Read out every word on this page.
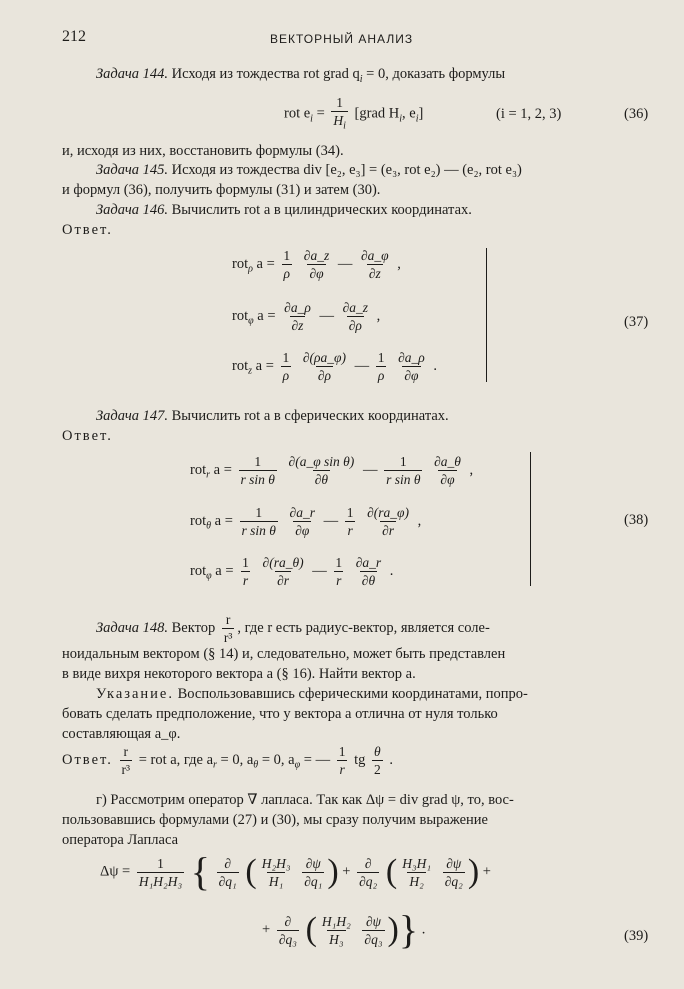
212	ВЕКТОРНЫЙ АНАЛИЗ
Задача 144. Исходя из тождества rot grad $q_i = 0$, доказать формулы
rot $e_i = \frac{1}{H_i}$ [grad $H_i$, $e_i$]	(i = 1, 2, 3)	(36)
и, исходя из них, восстановить формулы (34).
Задача 145. Исходя из тождества div [e₂, e₃] = (e₃, rot e₂) — (e₂, rot e₃)
и формул (36), получить формулы (31) и затем (30).
Задача 146. Вычислить rot a в цилиндрических координатах.
Ответ.
rot$_\rho$ $a = \frac{1}{\rho}$
$\frac{\partial a\_z}{\partial\varphi}$ — $\frac{\partial a\_\varphi}{\partial z}$ ,
rot$_\varphi$ $a = \frac{\partial a\_\rho}{\partial z}$ — $\frac{\partial a\_z}{\partial\rho}$ ,
rot$_z$ $a = \frac{1}{\rho}$
$\frac{\partial(\rho a\_\varphi)}{\partial\rho}$ — $\frac{1}{\rho}$
$\frac{\partial a\_\rho}{\partial\varphi}$ .
(37)
Задача 147. Вычислить rot a в сферических координатах.
Ответ.
rot$_r$ $a = \frac{1}{\text{r sin θ}}$
$\frac{\text{∂(a\_φ sin θ)}}{\partial\theta}$ — $\frac{1}{\text{r sin θ}}$
$\frac{\partial a\_\theta}{\partial\varphi}$ ,
rot$_\theta$ $a = \frac{1}{\text{r sin θ}}$
$\frac{\partial a\_r}{\partial\varphi}$ — $\frac{1}{r}$
$\frac{\partial(ra\_\varphi)}{\partial r}$ ,
rot$_\varphi$ $a = \frac{1}{r}$
$\frac{\partial(ra\_\theta)}{\partial r}$ — $\frac{1}{r}$
$\frac{\partial a\_r}{\partial\theta}$ .
(38)
Задача 148. Вектор $\frac{r}{\text{r³}}$ , где r есть радиус-вектор, является соле-
ноидальным вектором (§ 14) и, следовательно, может быть представлен
в виде вихря некоторого вектора a (§ 16). Найти вектор a.
Указание. Воспользовавшись сферическими координатами, попро-
бовать сделать предположение, что у вектора a отлична от нуля только
составляющая a_φ.
Ответ. $\frac{r}{\text{r³}}$ = rot a, где $a_r = 0$, $a_\theta = 0$, $a_\varphi$ = — $\frac{1}{r}$ tg $\frac{\theta}{2}$ .
г) Рассмотрим оператор ∇ лапласа. Так как Δψ = div grad ψ, то, вос-
пользовавшись формулами (27) и (30), мы сразу получим выражение
оператора Лапласа
$\Delta\psi = \frac{1}{\text{H₁H₂H₃}}$ { $\frac{\partial}{\text{∂q₁}}$ ( $\frac{\text{H₂H₃}}{\text{H₁}}$
$\frac{\partial\psi}{\text{∂q₁}}$ ) + $\frac{\partial}{\text{∂q₂}}$ ( $\frac{\text{H₃H₁}}{\text{H₂}}$
$\frac{\partial\psi}{\text{∂q₂}}$ ) +
+ $\frac{\partial}{\text{∂q₃}}$ ( $\frac{\text{H₁H₂}}{\text{H₃}}$
$\frac{\partial\psi}{\text{∂q₃}}$ )} .	(39)
